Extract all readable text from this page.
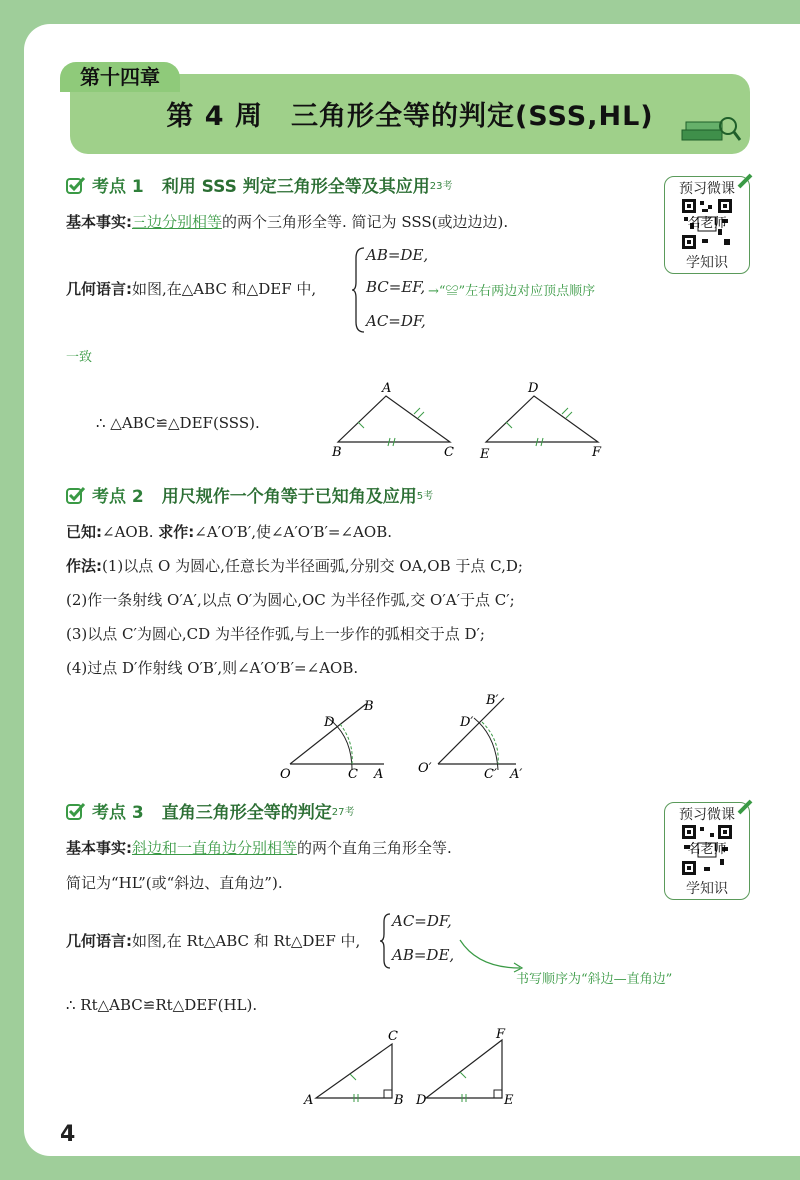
第 4 周　三角形全等的判定(SSS,HL)
第十四章
预习微课
名老师
学知识
考点 1 利用 SSS 判定三角形全等及其应用 23考
基本事实:三边分别相等的两个三角形全等. 简记为 SSS(或边边边).
几何语言:如图,在△ABC 和△DEF 中,
AB=DE,
BC=EF,
AC=DF,
→“≌”左右两边对应顶点顺序
一致
∴ △ABC≌△DEF(SSS).
A
B	C
D
E	F
考点 2 用尺规作一个角等于已知角及应用 5考
已知:∠AOB. 求作:∠A′O′B′,使∠A′O′B′=∠AOB.
作法:(1)以点 O 为圆心,任意长为半径画弧,分别交 OA,OB 于点 C,D;
(2)作一条射线 O′A′,以点 O′为圆心,OC 为半径作弧,交 O′A′于点 C′;
(3)以点 C′为圆心,CD 为半径作弧,与上一步作的弧相交于点 D′;
(4)过点 D′作射线 O′B′,则∠A′O′B′=∠AOB.
O	C A
D
B
O′	C′ A′
D′
B′
考点 3 直角三角形全等的判定 27考	预习微课
名老师
学知识
基本事实:斜边和一直角边分别相等的两个直角三角形全等.
简记为“HL”(或“斜边、直角边”).
几何语言:如图,在 Rt△ABC 和 Rt△DEF 中,
AC=DF,
AB=DE,
书写顺序为“斜边—直角边”
∴ Rt△ABC≌Rt△DEF(HL).
A	B
C
D	E
F
4
